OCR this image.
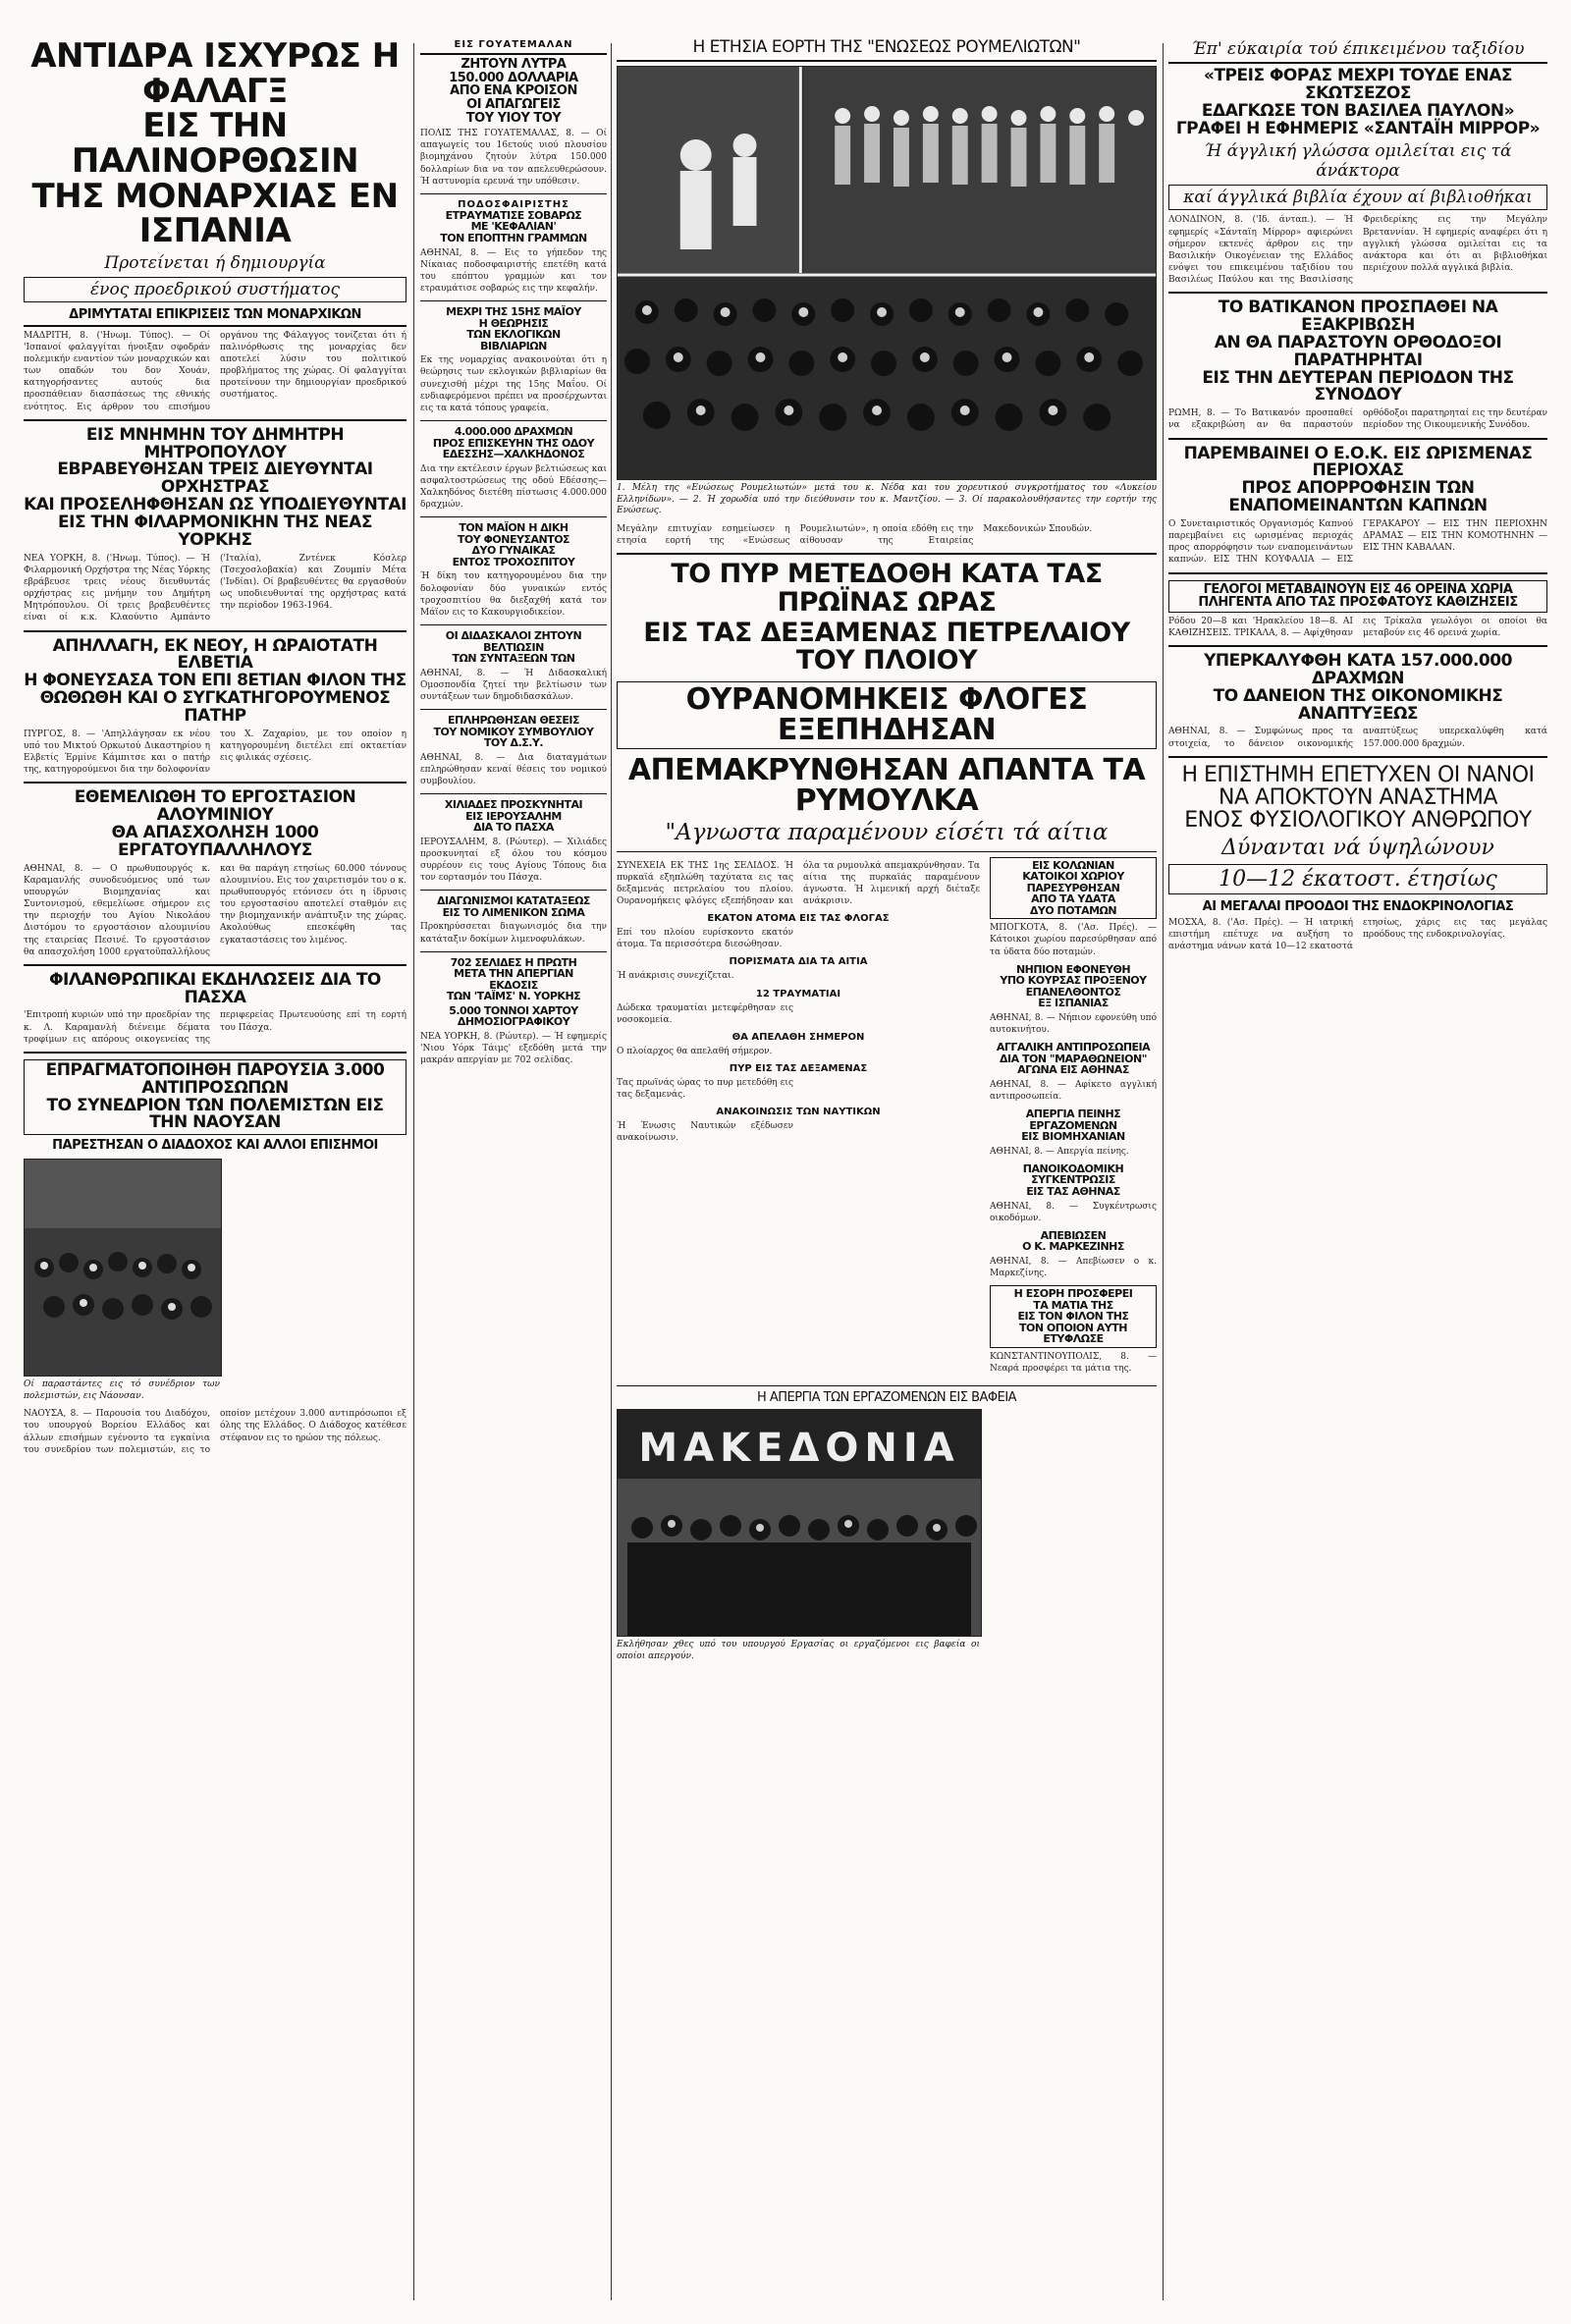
ΑΝΤΙΔΡΑ ΙΣΧΥΡΩΣ Η ΦΑΛΑΓΞ
ΕΙΣ ΤΗΝ ΠΑΛΙΝΟΡΘΩΣΙΝ
ΤΗΣ ΜΟΝΑΡΧΙΑΣ ΕΝ ΙΣΠΑΝΙΑ
Προτείνεται ή δημιουργία
ένος προεδρικού συστήματος
ΔΡΙΜΥΤΑΤΑΙ ΕΠΙΚΡΙΣΕΙΣ ΤΩΝ ΜΟΝΑΡΧΙΚΩΝ

ΜΑΔΡΙΤΗ, 8. ('Ηνωμ. Τύπος). — Οί 'Ισπανοί φαλαγγίται ήνοιξαν σφοδράν πολεμικήν εναντίον τών μοναρχικών και των οπαδών του δον Χουάν, κατηγορήσαντες αυτούς δια προσπάθειαν διασπάσεως της εθνικής ενότητος. Εις άρθρον του επισήμου οργάνου της Φάλαγγος τονίζεται ότι ή παλινόρθωσις της μοναρχίας δεν αποτελεί λύσιν του πολιτικού προβλήματος της χώρας. Οί φαλαγγίται προτείνουν την δημιουργίαν προεδρικού συστήματος.

ΕΙΣ ΜΝΗΜΗΝ ΤΟΥ ΔΗΜΗΤΡΗ ΜΗΤΡΟΠΟΥΛΟΥ
ΕΒΡΑΒΕΥΘΗΣΑΝ ΤΡΕΙΣ ΔΙΕΥΘΥΝΤΑΙ ΟΡΧΗΣΤΡΑΣ
ΚΑΙ ΠΡΟΣΕΛΗΦΘΗΣΑΝ ΩΣ ΥΠΟΔΙΕΥΘΥΝΤΑΙ
ΕΙΣ ΤΗΝ ΦΙΛΑΡΜΟΝΙΚΗΝ ΤΗΣ ΝΕΑΣ ΥΟΡΚΗΣ

ΝΕΑ ΥΟΡΚΗ, 8. ('Ηνωμ. Τύπος). — Ή Φιλαρμονική Ορχήστρα της Νέας Υόρκης εβράβευσε τρεις νέους διευθυντάς ορχήστρας εις μνήμην του Δημήτρη Μητρόπουλου. Οί τρεις βραβευθέντες είναι οί κ.κ. Κλαούντιο Αμπάντο ('Ιταλία), Ζντένεκ Κόσλερ (Τσεχοσλοβακία) και Ζουμπίν Μέτα ('Ινδίαι). Οί βραβευθέντες θα εργασθούν ως υποδιευθυνταί της ορχήστρας κατά την περίοδον 1963-1964.

ΑΠΗΛΛΑΓΗ, ΕΚ ΝΕΟΥ, Η ΩΡΑΙΟΤΑΤΗ ΕΛΒΕΤΙΑ
Η ΦΟΝΕΥΣΑΣΑ ΤΟΝ ΕΠΙ 8ΕΤΙΑΝ ΦΙΛΟΝ ΤΗΣ
ΘΩΘΩΘΗ ΚΑΙ Ο ΣΥΓΚΑΤΗΓΟΡΟΥΜΕΝΟΣ ΠΑΤΗΡ

ΠΥΡΓΟΣ, 8. — 'Απηλλάγησαν εκ νέου υπό του Μικτού Ορκωτού Δικαστηρίου η Ελβετίς Έρμίνε Κάμπιτσε και ο πατήρ της, κατηγορούμενοι δια την δολοφονίαν του Χ. Ζαχαρίου, με τον οποίον η κατηγορουμένη διετέλει επί οκταετίαν εις φιλικάς σχέσεις.

ΕΘΕΜΕΛΙΩΘΗ ΤΟ ΕΡΓΟΣΤΑΣΙΟΝ ΑΛΟΥΜΙΝΙΟΥ
ΘΑ ΑΠΑΣΧΟΛΗΣΗ 1000 ΕΡΓΑΤΟΥΠΑΛΛΗΛΟΥΣ

ΑΘΗΝΑΙ, 8. — Ο πρωθυπουργός κ. Καραμανλής συνοδευόμενος υπό των υπουργών Βιομηχανίας και Συντονισμού, εθεμελίωσε σήμερον εις την περιοχήν του Αγίου Νικολάου Διστόμου το εργοστάσιον αλουμινίου της εταιρείας Πεσινέ. Το εργοστάσιον θα απασχολήση 1000 εργατοϋπαλλήλους και θα παράγη ετησίως 60.000 τόννους αλουμινίου. Εις τον χαιρετισμόν του ο κ. πρωθυπουργός ετόνισεν ότι η ίδρυσις του εργοστασίου αποτελεί σταθμόν εις την βιομηχανικήν ανάπτυξιν της χώρας. Ακολούθως επεσκέφθη τας εγκαταστάσεις του λιμένος.

ΦΙΛΑΝΘΡΩΠΙΚΑΙ ΕΚΔΗΛΩΣΕΙΣ ΔΙΑ ΤΟ ΠΑΣΧΑ

'Επιτροπή κυριών υπό την προεδρίαν της κ. Λ. Καραμανλή διένειμε δέματα τροφίμων εις απόρους οικογενείας της περιφερείας Πρωτευούσης επί τη εορτή του Πάσχα.

ΕΠΡΑΓΜΑΤΟΠΟΙΗΘΗ ΠΑΡΟΥΣΙΑ 3.000 ΑΝΤΙΠΡΟΣΩΠΩΝ
ΤΟ ΣΥΝΕΔΡΙΟΝ ΤΩΝ ΠΟΛΕΜΙΣΤΩΝ ΕΙΣ ΤΗΝ ΝΑΟΥΣΑΝ
ΠΑΡΕΣΤΗΣΑΝ Ο ΔΙΑΔΟΧΟΣ ΚΑΙ ΑΛΛΟΙ ΕΠΙΣΗΜΟΙ
Οί παραστάντες εις τό συνέδριον των πολεμιστών, εις Νάουσαν.

ΝΑΟΥΣΑ, 8. — Παρουσία του Διαδόχου, του υπουργού Βορείου Ελλάδος και άλλων επισήμων εγένοντο τα εγκαίνια του συνεδρίου των πολεμιστών, εις το οποίον μετέχουν 3.000 αντιπρόσωποι εξ όλης της Ελλάδος. Ο Διάδοχος κατέθεσε στέφανον εις το ηρώον της πόλεως.

ΕΙΣ ΓΟΥΑΤΕΜΑΛΑΝ
ΖΗΤΟΥΝ ΛΥΤΡΑ
150.000 ΔΟΛΛΑΡΙΑ
ΑΠΟ ΕΝΑ ΚΡΟΙΣΟΝ
ΟΙ ΑΠΑΓΩΓΕΙΣ
ΤΟΥ ΥΙΟΥ ΤΟΥ

ΠΟΛΙΣ ΤΗΣ ΓΟΥΑΤΕΜΑΛΑΣ, 8. — Οί απαγωγείς του 16ετούς υιού πλουσίου βιομηχάνου ζητούν λύτρα 150.000 δολλαρίων δια να τον απελευθερώσουν. Ή αστυνομία ερευνά την υπόθεσιν.

ΠΟΔΟΣΦΑΙΡΙΣΤΗΣ
ΕΤΡΑΥΜΑΤΙΣΕ ΣΟΒΑΡΩΣ
ΜΕ 'ΚΕΦΑΛΙΑΝ'
ΤΟΝ ΕΠΟΠΤΗΝ ΓΡΑΜΜΩΝ

ΑΘΗΝΑΙ, 8. — Εις το γήπεδον της Νίκαιας ποδοσφαιριστής επετέθη κατά του επόπτου γραμμών και τον ετραυμάτισε σοβαρώς εις την κεφαλήν.

ΜΕΧΡΙ ΤΗΣ 15ΗΣ ΜΑΪΟΥ
Η ΘΕΩΡΗΣΙΣ
ΤΩΝ ΕΚΛΟΓΙΚΩΝ
ΒΙΒΛΙΑΡΙΩΝ

Εκ της νομαρχίας ανακοινούται ότι η θεώρησις των εκλογικών βιβλιαρίων θα συνεχισθή μέχρι της 15ης Μαΐου. Οί ενδιαφερόμενοι πρέπει να προσέρχωνται εις τα κατά τόπους γραφεία.

4.000.000 ΔΡΑΧΜΩΝ
ΠΡΟΣ ΕΠΙΣΚΕΥΗΝ ΤΗΣ ΟΔΟΥ
ΕΔΕΣΣΗΣ—ΧΑΛΚΗΔΟΝΟΣ

Δια την εκτέλεσιν έργων βελτιώσεως και ασφαλτοστρώσεως της οδού Εδέσσης—Χαλκηδόνος διετέθη πίστωσις 4.000.000 δραχμών.

ΤΟΝ ΜΑΪΟΝ Η ΔΙΚΗ
ΤΟΥ ΦΟΝΕΥΣΑΝΤΟΣ
ΔΥΟ ΓΥΝΑΙΚΑΣ
ΕΝΤΟΣ ΤΡΟΧΟΣΠΙΤΟΥ

Ή δίκη του κατηγορουμένου δια την δολοφονίαν δύο γυναικών εντός τροχοσπιτίου θα διεξαχθή κατά τον Μάϊον εις το Κακουργιοδικείον.

ΟΙ ΔΙΔΑΣΚΑΛΟΙ ΖΗΤΟΥΝ
ΒΕΛΤΙΩΣΙΝ
ΤΩΝ ΣΥΝΤΑΞΕΩΝ ΤΩΝ

ΑΘΗΝΑΙ, 8. — Ή Διδασκαλική Ομοσπονδία ζητεί την βελτίωσιν των συντάξεων των δημοδιδασκάλων.

ΕΠΛΗΡΩΘΗΣΑΝ ΘΕΣΕΙΣ
ΤΟΥ ΝΟΜΙΚΟΥ ΣΥΜΒΟΥΛΙΟΥ
ΤΟΥ Δ.Σ.Υ.

ΑΘΗΝΑΙ, 8. — Δια διαταγμάτων επληρώθησαν κεναί θέσεις του νομικού συμβουλίου.

ΧΙΛΙΑΔΕΣ ΠΡΟΣΚΥΝΗΤΑΙ
ΕΙΣ ΙΕΡΟΥΣΑΛΗΜ
ΔΙΑ ΤΟ ΠΑΣΧΑ

ΙΕΡΟΥΣΑΛΗΜ, 8. (Ρώυτερ). — Χιλιάδες προσκυνηταί εξ όλου του κόσμου συρρέουν εις τους Αγίους Τόπους δια τον εορτασμόν του Πάσχα.

ΔΙΑΓΩΝΙΣΜΟΙ ΚΑΤΑΤΑΞΕΩΣ
ΕΙΣ ΤΟ ΛΙΜΕΝΙΚΟΝ ΣΩΜΑ

Προκηρύσσεται διαγωνισμός δια την κατάταξιν δοκίμων λιμενοφυλάκων.

702 ΣΕΛΙΔΕΣ Η ΠΡΩΤΗ
ΜΕΤΑ ΤΗΝ ΑΠΕΡΓΙΑΝ
ΕΚΔΟΣΙΣ
ΤΩΝ 'ΤΑΪΜΣ' Ν. ΥΟΡΚΗΣ
5.000 ΤΟΝΝΟΙ ΧΑΡΤΟΥ
ΔΗΜΟΣΙΟΓΡΑΦΙΚΟΥ

ΝΕΑ ΥΟΡΚΗ, 8. (Ρώυτερ). — Ή εφημερίς 'Νιου Υόρκ Τάιμς' εξεδόθη μετά την μακράν απεργίαν με 702 σελίδας.

Η ΕΤΗΣΙΑ ΕΟΡΤΗ ΤΗΣ "ΕΝΩΣΕΩΣ ΡΟΥΜΕΛΙΩΤΩΝ"
1. Μέλη της «Ενώσεως Ρουμελιωτών» μετά του κ. Νέδα και του χορευτικού συγκροτήματος του «Λυκείου Ελληνίδων». — 2. Ή χορωδία υπό την διεύθυνσιν του κ. Μαντζίου. — 3. Οί παρακολουθήσαντες την εορτήν της Ενώσεως.

Μεγάλην επιτυχίαν εσημείωσεν η ετησία εορτή της «Ενώσεως Ρουμελιωτών», η οποία εδόθη εις την αίθουσαν της Εταιρείας Μακεδονικών Σπουδών.

ΤΟ ΠΥΡ ΜΕΤΕΔΟΘΗ ΚΑΤΑ ΤΑΣ ΠΡΩΪΝΑΣ ΩΡΑΣ
ΕΙΣ ΤΑΣ ΔΕΞΑΜΕΝΑΣ ΠΕΤΡΕΛΑΙΟΥ ΤΟΥ ΠΛΟΙΟΥ
ΟΥΡΑΝΟΜΗΚΕΙΣ ΦΛΟΓΕΣ ΕΞΕΠΗΔΗΣΑΝ
ΑΠΕΜΑΚΡΥΝΘΗΣΑΝ ΑΠΑΝΤΑ ΤΑ ΡΥΜΟΥΛΚΑ
"Αγνωστα παραμένουν είσέτι τά αίτια

ΣΥΝΕΧΕΙΑ ΕΚ ΤΗΣ 1ης ΣΕΛΙΔΟΣ. Ή πυρκαϊά εξηπλώθη ταχύτατα εις τας δεξαμενάς πετρελαίου του πλοίου. Ουρανομήκεις φλόγες εξεπήδησαν και όλα τα ρυμουλκά απεμακρύνθησαν. Τα αίτια της πυρκαϊάς παραμένουν άγνωστα. Ή λιμενική αρχή διέταξε ανάκρισιν.

ΕΚΑΤΟΝ ΑΤΟΜΑ ΕΙΣ ΤΑΣ ΦΛΟΓΑΣ

Επί του πλοίου ευρίσκοντο εκατόν άτομα. Τα περισσότερα διεσώθησαν.

ΠΟΡΙΣΜΑΤΑ ΔΙΑ ΤΑ ΑΙΤΙΑ

Ή ανάκρισις συνεχίζεται.

12 ΤΡΑΥΜΑΤΙΑΙ

Δώδεκα τραυματίαι μετεφέρθησαν εις νοσοκομεία.

ΘΑ ΑΠΕΛΑΘΗ ΣΗΜΕΡΟΝ

Ο πλοίαρχος θα απελαθή σήμερον.

ΠΥΡ ΕΙΣ ΤΑΣ ΔΕΞΑΜΕΝΑΣ

Τας πρωϊνάς ώρας το πυρ μετεδόθη εις τας δεξαμενάς.

ΑΝΑΚΟΙΝΩΣΙΣ ΤΩΝ ΝΑΥΤΙΚΩΝ

Ή Ένωσις Ναυτικών εξέδωσεν ανακοίνωσιν.

ΕΙΣ ΚΟΛΩΝΙΑΝ
ΚΑΤΟΙΚΟΙ ΧΩΡΙΟΥ
ΠΑΡΕΣΥΡΘΗΣΑΝ
ΑΠΟ ΤΑ ΥΔΑΤΑ
ΔΥΟ ΠΟΤΑΜΩΝ

ΜΠΟΓΚΟΤΑ, 8. ('Ασ. Πρές). — Κάτοικοι χωρίου παρεσύρθησαν από τα ύδατα δύο ποταμών.

ΝΗΠΙΟΝ ΕΦΟΝΕΥΘΗ
ΥΠΟ ΚΟΥΡΣΑΣ ΠΡΟΞΕΝΟΥ
ΕΠΑΝΕΛΘΟΝΤΟΣ
ΕΞ ΙΣΠΑΝΙΑΣ

ΑΘΗΝΑΙ, 8. — Νήπιον εφονεύθη υπό αυτοκινήτου.

ΑΓΓΑΛΙΚΗ ΑΝΤΙΠΡΟΣΩΠΕΙΑ
ΔΙΑ ΤΟΝ "ΜΑΡΑΘΩΝΕΙΟΝ"
ΑΓΩΝΑ ΕΙΣ ΑΘΗΝΑΣ

ΑΘΗΝΑΙ, 8. — Αφίκετο αγγλική αντιπροσωπεία.

ΑΠΕΡΓΙΑ ΠΕΙΝΗΣ
ΕΡΓΑΖΟΜΕΝΩΝ
ΕΙΣ ΒΙΟΜΗΧΑΝΙΑΝ

ΑΘΗΝΑΙ, 8. — Απεργία πείνης.

ΠΑΝΟΙΚΟΔΟΜΙΚΗ
ΣΥΓΚΕΝΤΡΩΣΙΣ
ΕΙΣ ΤΑΣ ΑΘΗΝΑΣ

ΑΘΗΝΑΙ, 8. — Συγκέντρωσις οικοδόμων.

ΑΠΕΒΙΩΣΕΝ
Ο Κ. ΜΑΡΚΕΖΙΝΗΣ

ΑΘΗΝΑΙ, 8. — Απεβίωσεν ο κ. Μαρκεζίνης.

Η ΕΣΟΡΗ ΠΡΟΣΦΕΡΕΙ
ΤΑ ΜΑΤΙΑ ΤΗΣ
ΕΙΣ ΤΟΝ ΦΙΛΟΝ ΤΗΣ
ΤΟΝ ΟΠΟΙΟΝ ΑΥΤΗ
ΕΤΥΦΛΩΣΕ

ΚΩΝΣΤΑΝΤΙΝΟΥΠΟΛΙΣ, 8. — Νεαρά προσφέρει τα μάτια της.

Η ΑΠΕΡΓΙΑ ΤΩΝ ΕΡΓΑΖΟΜΕΝΩΝ ΕΙΣ ΒΑΦΕΙΑ
ΜΑΚΕΔΟΝΙΑ
Εκλήθησαν χθες υπό του υπουργού Εργασίας οι εργαζόμενοι εις βαφεία οι οποίοι απεργούν.
Έπ' εύκαιρία τού έπικειμένου ταξιδίου
«ΤΡΕΙΣ ΦΟΡΑΣ ΜΕΧΡΙ ΤΟΥΔΕ ΕΝΑΣ ΣΚΩΤΣΕΖΟΣ
ΕΔΑΓΚΩΣΕ ΤΟΝ ΒΑΣΙΛΕΑ ΠΑΥΛΟΝ»
ΓΡΑΦΕΙ Η ΕΦΗΜΕΡΙΣ «ΣΑΝΤΑΪΗ ΜΙΡΡΟΡ»
Ή άγγλική γλώσσα ομιλείται εις τά άνάκτορα
καί άγγλικά βιβλία έχουν αί βιβλιοθήκαι

ΛΟΝΔΙΝΟΝ, 8. ('Ιδ. άνταπ.). — Ή εφημερίς «Σάνταϊη Μίρρορ» αφιερώνει σήμερον εκτενές άρθρον εις την Βασιλικήν Οικογένειαν της Ελλάδος ενόψει του επικειμένου ταξιδίου του Βασιλέως Παύλου και της Βασιλίσσης Φρειδερίκης εις την Μεγάλην Βρεταννίαν. Ή εφημερίς αναφέρει ότι η αγγλική γλώσσα ομιλείται εις τα ανάκτορα και ότι αι βιβλιοθήκαι περιέχουν πολλά αγγλικά βιβλία.

ΤΟ ΒΑΤΙΚΑΝΟΝ ΠΡΟΣΠΑΘΕΙ ΝΑ ΕΞΑΚΡΙΒΩΣΗ
ΑΝ ΘΑ ΠΑΡΑΣΤΟΥΝ ΟΡΘΟΔΟΞΟΙ ΠΑΡΑΤΗΡΗΤΑΙ
ΕΙΣ ΤΗΝ ΔΕΥΤΕΡΑΝ ΠΕΡΙΟΔΟΝ ΤΗΣ ΣΥΝΟΔΟΥ

ΡΩΜΗ, 8. — Το Βατικανόν προσπαθεί να εξακριβώση αν θα παραστούν ορθόδοξοι παρατηρηταί εις την δευτέραν περίοδον της Οικουμενικής Συνόδου.

ΠΑΡΕΜΒΑΙΝΕΙ Ο Ε.Ο.Κ. ΕΙΣ ΩΡΙΣΜΕΝΑΣ ΠΕΡΙΟΧΑΣ
ΠΡΟΣ ΑΠΟΡΡΟΦΗΣΙΝ ΤΩΝ ΕΝΑΠΟΜΕΙΝΑΝΤΩΝ ΚΑΠΝΩΝ

Ο Συνεταιριστικός Οργανισμός Καπνού παρεμβαίνει εις ωρισμένας περιοχάς προς απορρόφησιν των εναπομεινάντων καπνών. ΕΙΣ ΤΗΝ ΚΟΥΦΑΛΙΑ — ΕΙΣ ΓΕΡΑΚΑΡΟΥ — ΕΙΣ ΤΗΝ ΠΕΡΙΟΧΗΝ ΔΡΑΜΑΣ — ΕΙΣ ΤΗΝ ΚΟΜΟΤΗΝΗΝ — ΕΙΣ ΤΗΝ ΚΑΒΑΛΑΝ.

ΓΕΛΟΓΟΙ ΜΕΤΑΒΑΙΝΟΥΝ ΕΙΣ 46 ΟΡΕΙΝΑ ΧΩΡΙΑ
ΠΛΗΓΕΝΤΑ ΑΠΟ ΤΑΣ ΠΡΟΣΦΑΤΟΥΣ ΚΑΘΙΖΗΣΕΙΣ

Ρόδου 20—8 και 'Ηρακλείου 18—8. ΑΙ ΚΑΘΙΖΗΣΕΙΣ. ΤΡΙΚΑΛΑ, 8. — Αφίχθησαν εις Τρίκαλα γεωλόγοι οι οποίοι θα μεταβούν εις 46 ορεινά χωρία.

ΥΠΕΡΚΑΛΥΦΘΗ ΚΑΤΑ 157.000.000 ΔΡΑΧΜΩΝ
ΤΟ ΔΑΝΕΙΟΝ ΤΗΣ ΟΙΚΟΝΟΜΙΚΗΣ ΑΝΑΠΤΥΞΕΩΣ

ΑΘΗΝΑΙ, 8. — Συμφώνως προς τα στοιχεία, το δάνειον οικονομικής αναπτύξεως υπερεκαλύφθη κατά 157.000.000 δραχμών.

Η ΕΠΙΣΤΗΜΗ ΕΠΕΤΥΧΕΝ ΟΙ ΝΑΝΟΙ
ΝΑ ΑΠΟΚΤΟΥΝ ΑΝΑΣΤΗΜΑ
ΕΝΟΣ ΦΥΣΙΟΛΟΓΙΚΟΥ ΑΝΘΡΩΠΟΥ
Δύνανται νά ύψηλώνουν
10—12 έκατοστ. έτησίως
ΑΙ ΜΕΓΑΛΑΙ ΠΡΟΟΔΟΙ ΤΗΣ ΕΝΔΟΚΡΙΝΟΛΟΓΙΑΣ

ΜΟΣΧΑ, 8. ('Ασ. Πρές). — Ή ιατρική επιστήμη επέτυχε να αυξήση το ανάστημα νάνων κατά 10—12 εκατοστά ετησίως, χάρις εις τας μεγάλας προόδους της ενδοκρινολογίας.
